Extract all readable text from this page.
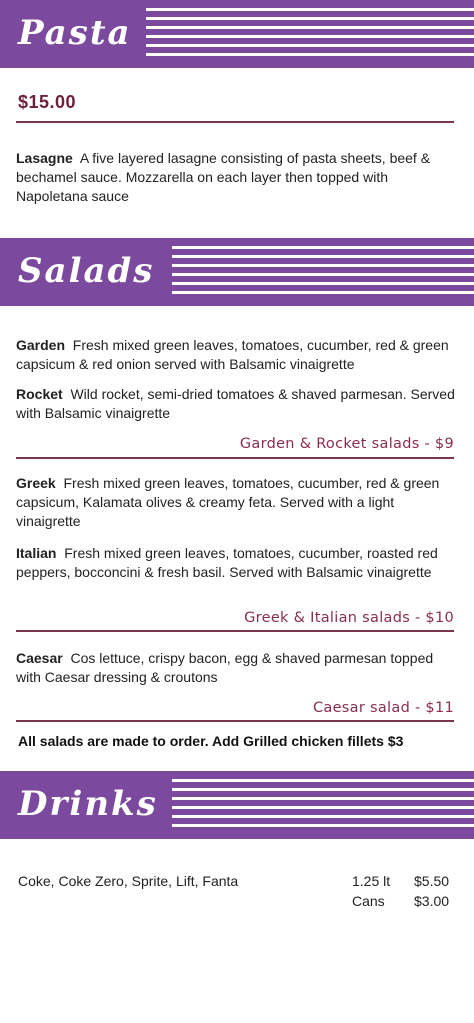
Pasta
$15.00
Lasagne A five layered lasagne consisting of pasta sheets, beef & bechamel sauce. Mozzarella on each layer then topped with Napoletana sauce
Salads
Garden Fresh mixed green leaves, tomatoes, cucumber, red & green capsicum & red onion served with Balsamic vinaigrette
Rocket Wild rocket, semi-dried tomatoes & shaved parmesan. Served with Balsamic vinaigrette
Garden & Rocket salads - $9
Greek Fresh mixed green leaves, tomatoes, cucumber, red & green capsicum, Kalamata olives & creamy feta. Served with a light vinaigrette
Italian Fresh mixed green leaves, tomatoes, cucumber, roasted red peppers, bocconcini & fresh basil. Served with Balsamic vinaigrette
Greek & Italian salads - $10
Caesar Cos lettuce, crispy bacon, egg & shaved parmesan topped with Caesar dressing & croutons
Caesar salad - $11
All salads are made to order. Add Grilled chicken fillets $3
Drinks
Coke, Coke Zero, Sprite, Lift, Fanta	1.25 lt $5.50
Cans $3.00
